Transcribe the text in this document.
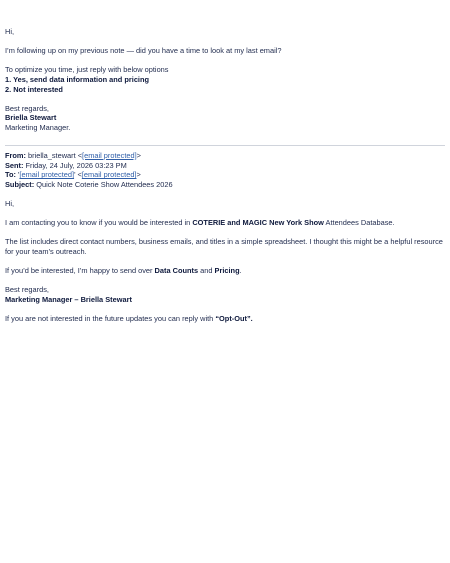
Hi,

I’m following up on my previous note — did you have a time to look at my last email?

To optimize you time, just reply with below options

1. Yes, send data information and pricing

2. Not interested

Best regards,

Briella Stewart

Marketing Manager.

From: briella_stewart <[email protected]>

Sent: Friday, 24 July, 2026 03:23 PM

To: '[email protected]' <[email protected]>

Subject: Quick Note Coterie Show Attendees 2026

Hi,

I am contacting you to know if you would be interested in COTERIE and MAGIC New York Show Attendees Database.

The list includes direct contact numbers, business emails, and titles in a simple spreadsheet. I thought this might be a helpful resource for your team’s outreach.

If you’d be interested, I’m happy to send over Data Counts and Pricing.

Best regards,

Marketing Manager – Briella Stewart

If you are not interested in the future updates you can reply with “Opt-Out”.
